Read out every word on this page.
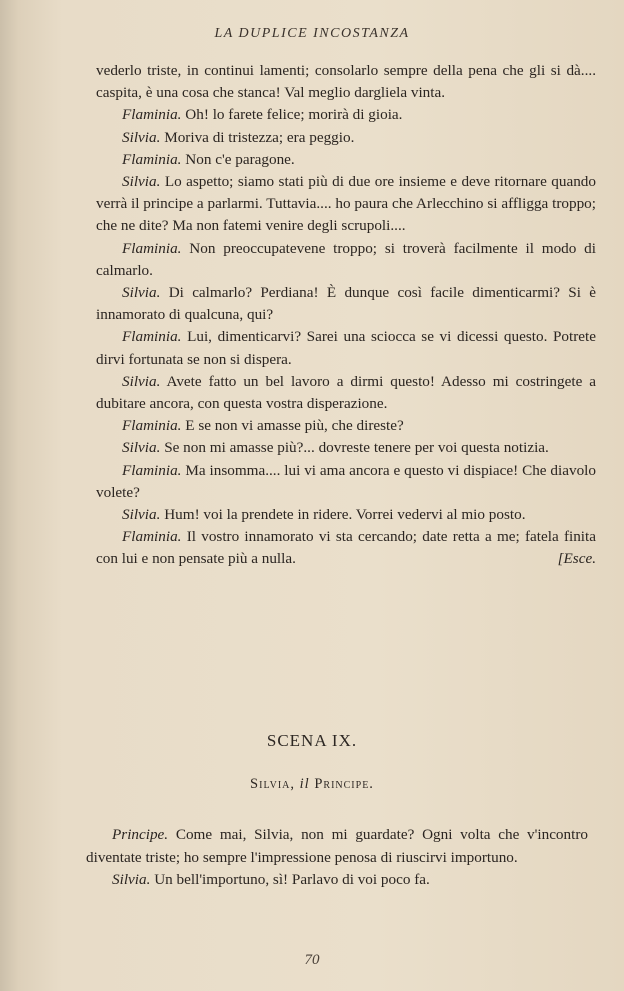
LA DUPLICE INCOSTANZA

vederlo triste, in continui lamenti; consolarlo sempre della pena che gli si dà.... caspita, è una cosa che stanca! Val meglio dargliela vinta.

Flaminia. Oh! lo farete felice; morirà di gioia.

Silvia. Moriva di tristezza; era peggio.

Flaminia. Non c'e paragone.

Silvia. Lo aspetto; siamo stati più di due ore insieme e deve ritornare quando verrà il principe a parlarmi. Tuttavia.... ho paura che Arlecchino si affligga troppo; che ne dite? Ma non fatemi venire degli scrupoli....

Flaminia. Non preoccupatevene troppo; si troverà facilmente il modo di calmarlo.

Silvia. Di calmarlo? Perdiana! È dunque così facile dimenticarmi? Si è innamorato di qualcuna, qui?

Flaminia. Lui, dimenticarvi? Sarei una sciocca se vi dicessi questo. Potrete dirvi fortunata se non si dispera.

Silvia. Avete fatto un bel lavoro a dirmi questo! Adesso mi costringete a dubitare ancora, con questa vostra disperazione.

Flaminia. E se non vi amasse più, che direste?

Silvia. Se non mi amasse più?... dovreste tenere per voi questa notizia.

Flaminia. Ma insomma.... lui vi ama ancora e questo vi dispiace! Che diavolo volete?

Silvia. Hum! voi la prendete in ridere. Vorrei vedervi al mio posto.

Flaminia. Il vostro innamorato vi sta cercando; date retta a me; fatela finita con lui e non pensate più a nulla.	[Esce.

SCENA IX.
Silvia, il Principe.

Principe. Come mai, Silvia, non mi guardate? Ogni volta che v'incontro diventate triste; ho sempre l'impressione penosa di riuscirvi importuno.

Silvia. Un bell'importuno, sì! Parlavo di voi poco fa.

70
